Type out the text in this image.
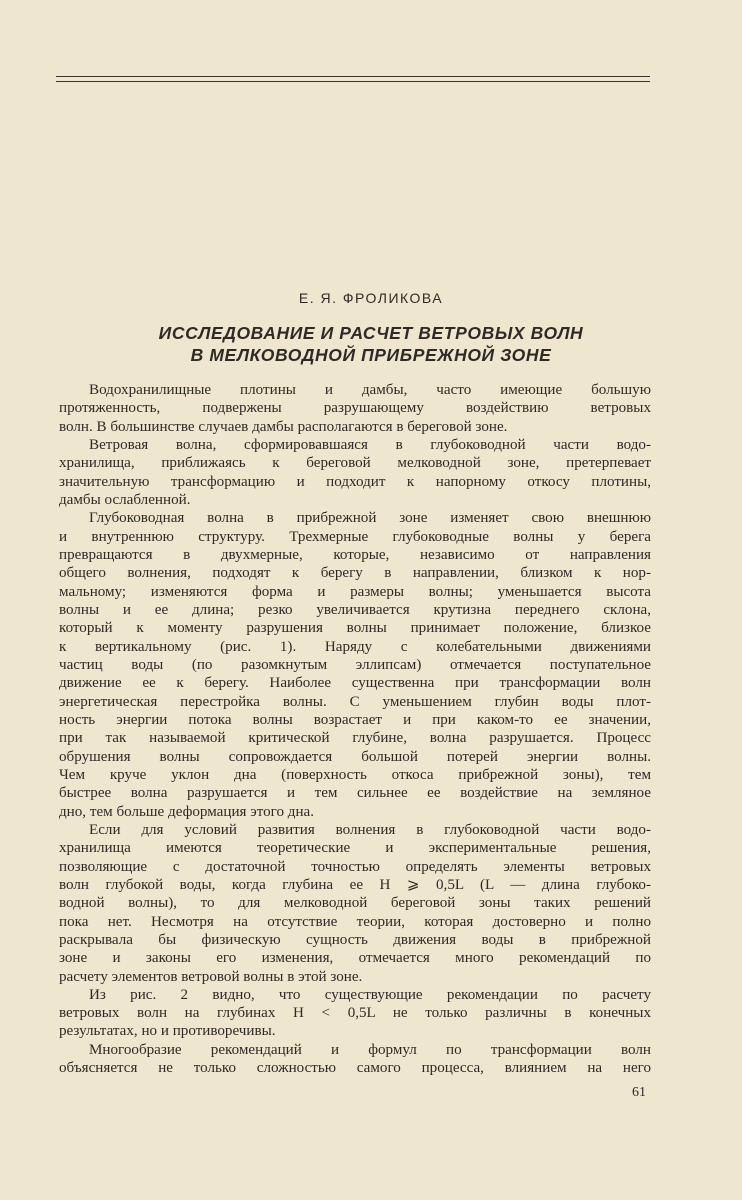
Е. Я. ФРОЛИКОВА
ИССЛЕДОВАНИЕ И РАСЧЕТ ВЕТРОВЫХ ВОЛН
В МЕЛКОВОДНОЙ ПРИБРЕЖНОЙ ЗОНЕ
Водохранилищные плотины и дамбы, часто имеющие большую
протяженность, подвержены разрушающему воздействию ветровых
волн. В большинстве случаев дамбы располагаются в береговой зоне.
Ветровая волна, сформировавшаяся в глубоководной части водо-
хранилища, приближаясь к береговой мелководной зоне, претерпевает
значительную трансформацию и подходит к напорному откосу плотины,
дамбы ослабленной.
Глубоководная волна в прибрежной зоне изменяет свою внешнюю
и внутреннюю структуру. Трехмерные глубоководные волны у берега
превращаются в двухмерные, которые, независимо от направления
общего волнения, подходят к берегу в направлении, близком к нор-
мальному; изменяются форма и размеры волны; уменьшается высота
волны и ее длина; резко увеличивается крутизна переднего склона,
который к моменту разрушения волны принимает положение, близкое
к вертикальному (рис. 1). Наряду с колебательными движениями
частиц воды (по разомкнутым эллипсам) отмечается поступательное
движение ее к берегу. Наиболее существенна при трансформации волн
энергетическая перестройка волны. С уменьшением глубин воды плот-
ность энергии потока волны возрастает и при каком-то ее значении,
при так называемой критической глубине, волна разрушается. Процесс
обрушения волны сопровождается большой потерей энергии волны.
Чем круче уклон дна (поверхность откоса прибрежной зоны), тем
быстрее волна разрушается и тем сильнее ее воздействие на земляное
дно, тем больше деформация этого дна.
Если для условий развития волнения в глубоководной части водо-
хранилища имеются теоретические и экспериментальные решения,
позволяющие с достаточной точностью определять элементы ветровых
волн глубокой воды, когда глубина ее H ⩾ 0,5L (L — длина глубоко-
водной волны), то для мелководной береговой зоны таких решений
пока нет. Несмотря на отсутствие теории, которая достоверно и полно
раскрывала бы физическую сущность движения воды в прибрежной
зоне и законы его изменения, отмечается много рекомендаций по
расчету элементов ветровой волны в этой зоне.
Из рис. 2 видно, что существующие рекомендации по расчету
ветровых волн на глубинах H < 0,5L не только различны в конечных
результатах, но и противоречивы.
Многообразие рекомендаций и формул по трансформации волн
объясняется не только сложностью самого процесса, влиянием на него
61
